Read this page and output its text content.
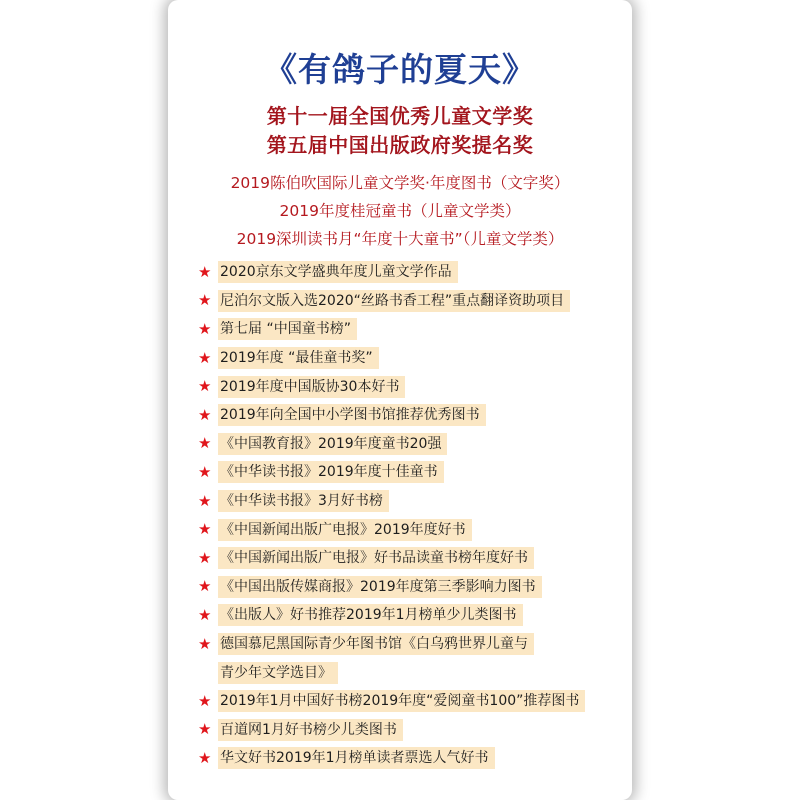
《有鸽子的夏天》
第十一届全国优秀儿童文学奖
第五届中国出版政府奖提名奖
2019陈伯吹国际儿童文学奖·年度图书（文字奖）
2019年度桂冠童书（儿童文学类）
2019深圳读书月“年度十大童书”（儿童文学类）
★ 2020京东文学盛典年度儿童文学作品
★ 尼泊尔文版入选2020“丝路书香工程”重点翻译资助项目
★ 第七届 “中国童书榜”
★ 2019年度 “最佳童书奖”
★ 2019年度中国版协30本好书
★ 2019年向全国中小学图书馆推荐优秀图书
★ 《中国教育报》2019年度童书20强
★ 《中华读书报》2019年度十佳童书
★ 《中华读书报》3月好书榜
★ 《中国新闻出版广电报》2019年度好书
★ 《中国新闻出版广电报》好书品读童书榜年度好书
★ 《中国出版传媒商报》2019年度第三季影响力图书
★ 《出版人》好书推荐2019年1月榜单少儿类图书
★ 德国慕尼黑国际青少年图书馆《白乌鸦世界儿童与
青少年文学选目》
★ 2019年1月中国好书榜2019年度“爱阅童书100”推荐图书
★ 百道网1月好书榜少儿类图书
★ 华文好书2019年1月榜单读者票选人气好书
